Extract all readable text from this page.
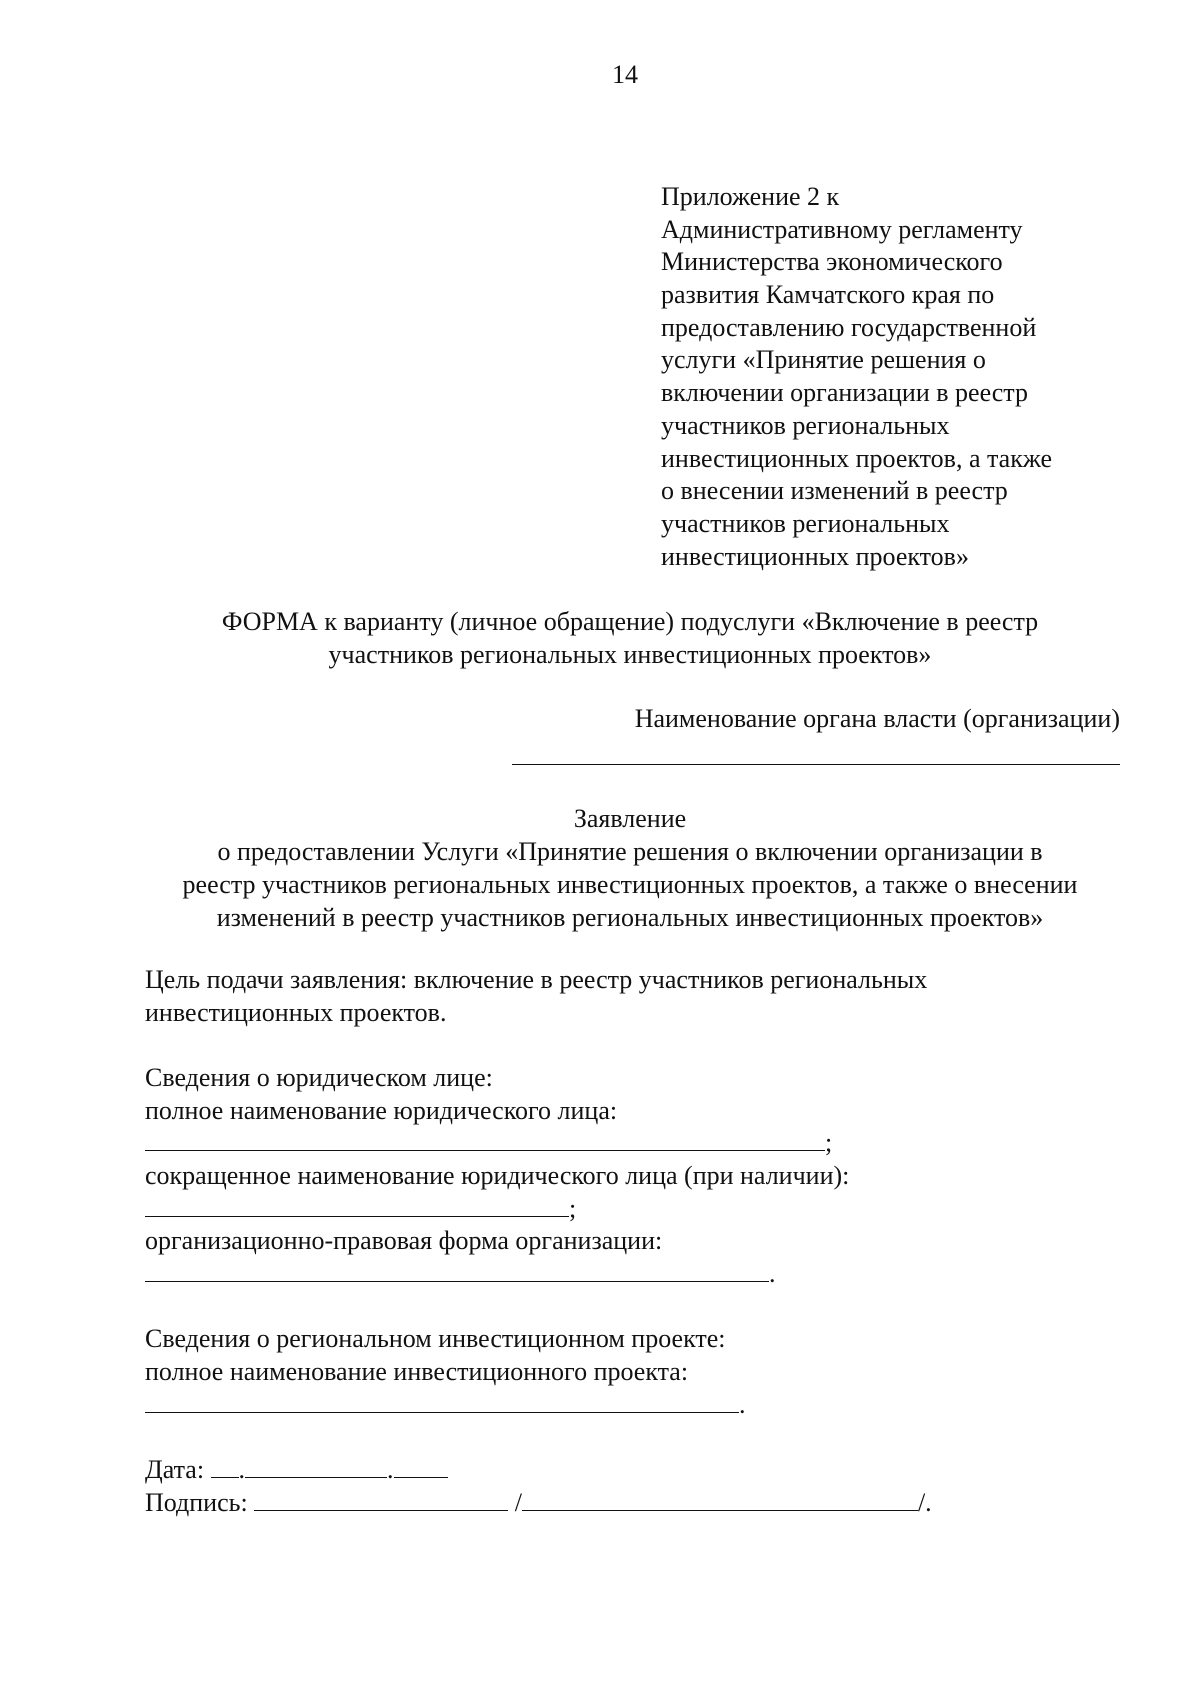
14
Приложение 2 к
Административному регламенту
Министерства экономического
развития Камчатского края по
предоставлению государственной
услуги «Принятие решения о
включении организации в реестр
участников региональных
инвестиционных проектов, а также
о внесении изменений в реестр
участников региональных
инвестиционных проектов»
ФОРМА к варианту (личное обращение) подуслуги «Включение в реестр
участников региональных инвестиционных проектов»
Наименование органа власти (организации)
Заявление
о предоставлении Услуги «Принятие решения о включении организации в
реестр участников региональных инвестиционных проектов, а также о внесении
изменений в реестр участников региональных инвестиционных проектов»
Цель подачи заявления: включение в реестр участников региональных
инвестиционных проектов.
Сведения о юридическом лице:
полное наименование юридического лица:
;
сокращенное наименование юридического лица (при наличии):
;
организационно-правовая форма организации:
.
Сведения о региональном инвестиционном проекте:
полное наименование инвестиционного проекта:
.
Дата: .	.
Подпись:	/	/.
